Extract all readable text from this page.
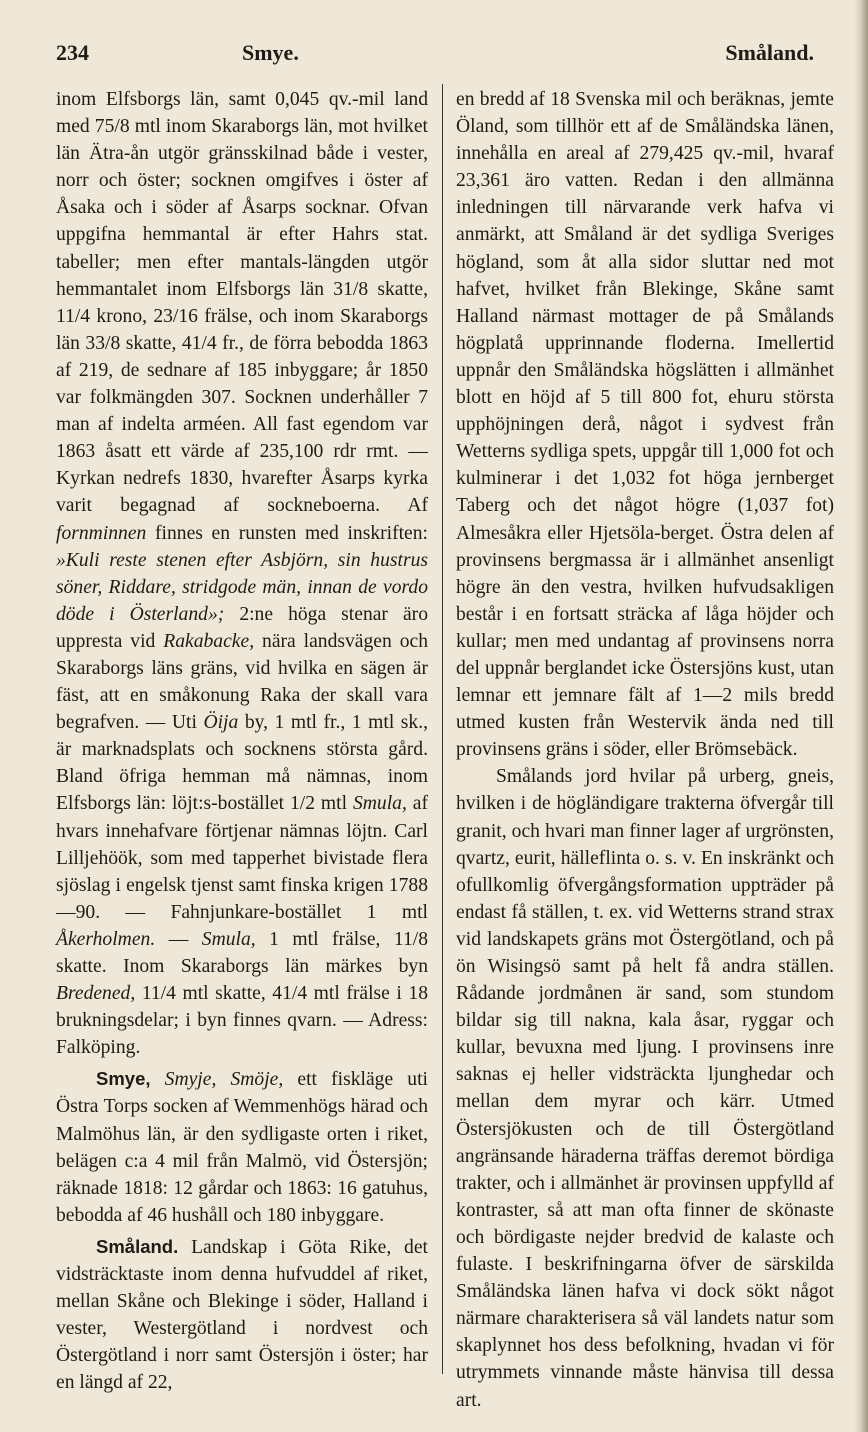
234	Smye.	Småland.

inom Elfsborgs län, samt 0,045 qv.-mil land med 75/8 mtl inom Skaraborgs län, mot hvilket län Ätra-ån utgör gränsskilnad både i vester, norr och öster; socknen omgifves i öster af Åsaka och i söder af Åsarps socknar. Ofvan uppgifna hemmantal är efter Hahrs stat. tabeller; men efter mantals-längden utgör hemmantalet inom Elfsborgs län 31/8 skatte, 11/4 krono, 23/16 frälse, och inom Skaraborgs län 33/8 skatte, 41/4 fr., de förra bebodda 1863 af 219, de sednare af 185 inbyggare; år 1850 var folkmängden 307. Socknen underhåller 7 man af indelta arméen. All fast egendom var 1863 åsatt ett värde af 235,100 rdr rmt. — Kyrkan nedrefs 1830, hvarefter Åsarps kyrka varit begagnad af sockneboerna. Af fornminnen finnes en runsten med inskriften: »Kuli reste stenen efter Asbjörn, sin hustrus söner, Riddare, stridgode män, innan de vordo döde i Österland»; 2:ne höga stenar äro uppresta vid Rakabacke, nära landsvägen och Skaraborgs läns gräns, vid hvilka en sägen är fäst, att en småkonung Raka der skall vara begrafven. — Uti Öija by, 1 mtl fr., 1 mtl sk., är marknadsplats och socknens största gård. Bland öfriga hemman må nämnas, inom Elfsborgs län: löjt:s-bostället 1/2 mtl Smula, af hvars innehafvare förtjenar nämnas löjtn. Carl Lilljehöök, som med tapperhet bivistade flera sjöslag i engelsk tjenst samt finska krigen 1788—90. — Fahnjunkare-bostället 1 mtl Åkerholmen. — Smula, 1 mtl frälse, 11/8 skatte. Inom Skaraborgs län märkes byn Bredened, 11/4 mtl skatte, 41/4 mtl frälse i 18 brukningsdelar; i byn finnes qvarn. — Adress: Falköping.

Smye, Smyje, Smöje, ett fiskläge uti Östra Torps socken af Wemmenhögs härad och Malmöhus län, är den sydligaste orten i riket, belägen c:a 4 mil från Malmö, vid Östersjön; räknade 1818: 12 gårdar och 1863: 16 gatuhus, bebodda af 46 hushåll och 180 inbyggare.

Småland. Landskap i Göta Rike, det vidsträcktaste inom denna hufvuddel af riket, mellan Skåne och Blekinge i söder, Halland i vester, Westergötland i nordvest och Östergötland i norr samt Östersjön i öster; har en längd af 22,

en bredd af 18 Svenska mil och beräknas, jemte Öland, som tillhör ett af de Småländska länen, innehålla en areal af 279,425 qv.-mil, hvaraf 23,361 äro vatten. Redan i den allmänna inledningen till närvarande verk hafva vi anmärkt, att Småland är det sydliga Sveriges högland, som åt alla sidor sluttar ned mot hafvet, hvilket från Blekinge, Skåne samt Halland närmast mottager de på Smålands högplatå upprinnande floderna. Imellertid uppnår den Småländska högslätten i allmänhet blott en höjd af 5 till 800 fot, ehuru största upphöjningen derå, något i sydvest från Wetterns sydliga spets, uppgår till 1,000 fot och kulminerar i det 1,032 fot höga jernberget Taberg och det något högre (1,037 fot) Almesåkra eller Hjetsöla-berget. Östra delen af provinsens bergmassa är i allmänhet ansenligt högre än den vestra, hvilken hufvudsakligen består i en fortsatt sträcka af låga höjder och kullar; men med undantag af provinsens norra del uppnår berglandet icke Östersjöns kust, utan lemnar ett jemnare fält af 1—2 mils bredd utmed kusten från Westervik ända ned till provinsens gräns i söder, eller Brömsebäck.

Smålands jord hvilar på urberg, gneis, hvilken i de högländigare trakterna öfvergår till granit, och hvari man finner lager af urgrönsten, qvartz, eurit, hälleflinta o. s. v. En inskränkt och ofullkomlig öfvergångsformation uppträder på endast få ställen, t. ex. vid Wetterns strand strax vid landskapets gräns mot Östergötland, och på ön Wisingsö samt på helt få andra ställen. Rådande jordmånen är sand, som stundom bildar sig till nakna, kala åsar, ryggar och kullar, bevuxna med ljung. I provinsens inre saknas ej heller vidsträckta ljunghedar och mellan dem myrar och kärr. Utmed Östersjökusten och de till Östergötland angränsande häraderna träffas deremot bördiga trakter, och i allmänhet är provinsen uppfylld af kontraster, så att man ofta finner de skönaste och bördigaste nejder bredvid de kalaste och fulaste. I beskrifningarna öfver de särskilda Småländska länen hafva vi dock sökt något närmare charakterisera så väl landets natur som skaplynnet hos dess befolkning, hvadan vi för utrymmets vinnande måste hänvisa till dessa art.
